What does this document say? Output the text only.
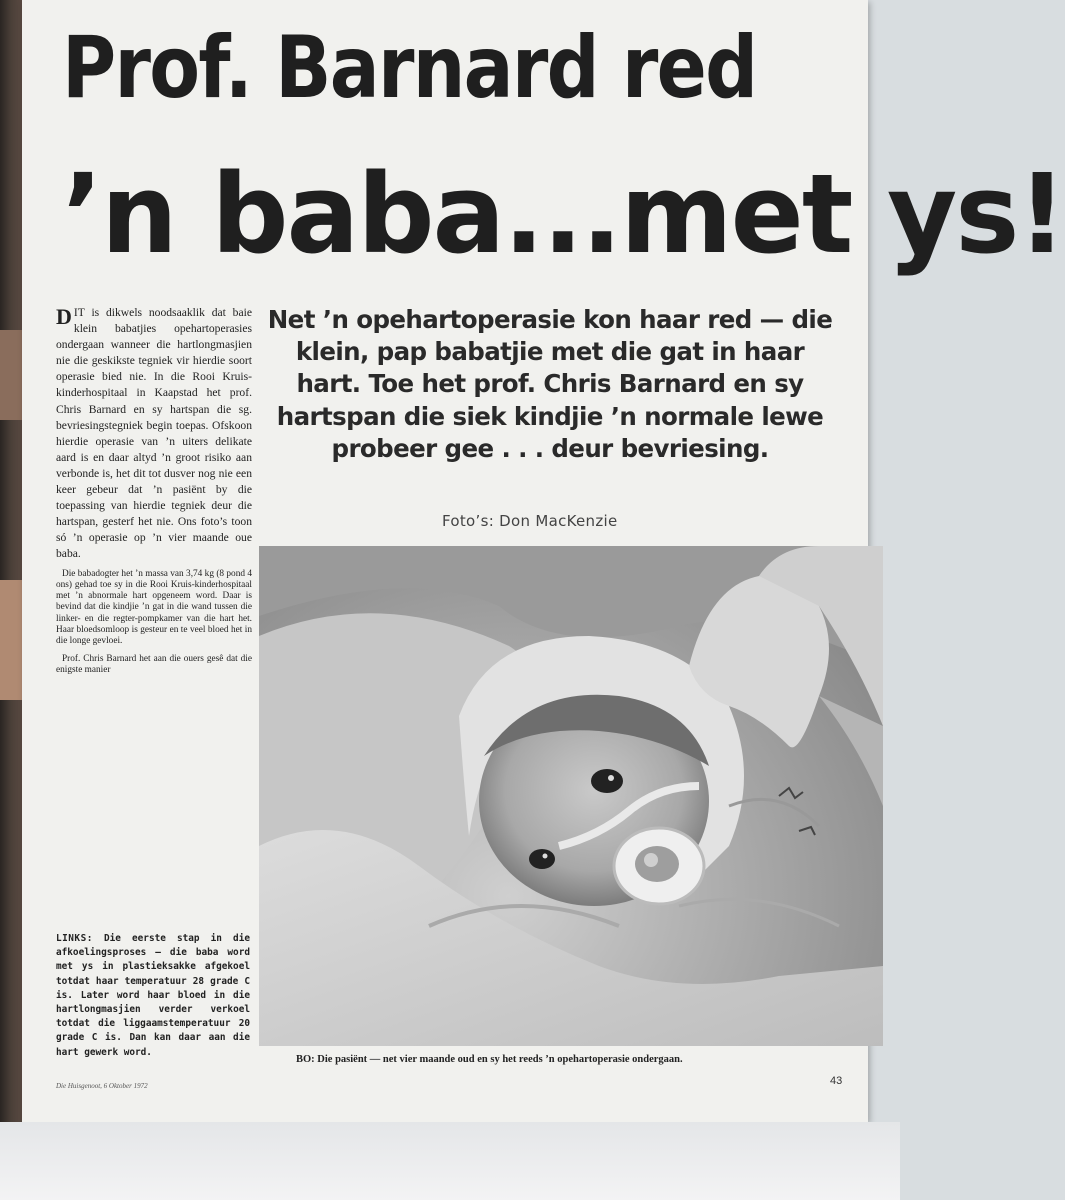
Prof. Barnard red
’n baba...met ys!

DIT is dikwels noodsaaklik dat baie klein babatjies opehartoperasies ondergaan wanneer die hartlongmasjien nie die geskikste tegniek vir hierdie soort operasie bied nie. In die Rooi Kruis-kinderhospitaal in Kaapstad het prof. Chris Barnard en sy hartspan die sg. bevriesingstegniek begin toepas. Ofskoon hierdie operasie van ’n uiters delikate aard is en daar altyd ’n groot risiko aan verbonde is, het dit tot dusver nog nie een keer gebeur dat ’n pasiënt by die toepassing van hierdie tegniek deur die hartspan, gesterf het nie. Ons foto’s toon só ’n operasie op ’n vier maande oue baba.

Die babadogter het ’n massa van 3,74 kg (8 pond 4 ons) gehad toe sy in die Rooi Kruis-kinderhospitaal met ’n abnormale hart opgeneem word. Daar is bevind dat die kindjie ’n gat in die wand tussen die linker- en die regter-pompkamer van die hart het. Haar bloedsomloop is gesteur en te veel bloed het in die longe gevloei.

Prof. Chris Barnard het aan die ouers gesê dat die enigste manier

LINKS: Die eerste stap in die afkoelingsproses — die baba word met ys in plastieksakke afgekoel totdat haar temperatuur 28 grade C is. Later word haar bloed in die hartlongmasjien verder verkoel totdat die liggaamstemperatuur 20 grade C is. Dan kan daar aan die hart gewerk word.

Die Huisgenoot, 6 Oktober 1972	43

Net ’n opehartoperasie kon haar red — die klein, pap babatjie met die gat in haar hart. Toe het prof. Chris Barnard en sy hartspan die siek kindjie ’n normale lewe probeer gee . . . deur bevriesing.

Foto’s: Don MacKenzie

BO: Die pasiënt — net vier maande oud en sy het reeds ’n opehartoperasie ondergaan.
